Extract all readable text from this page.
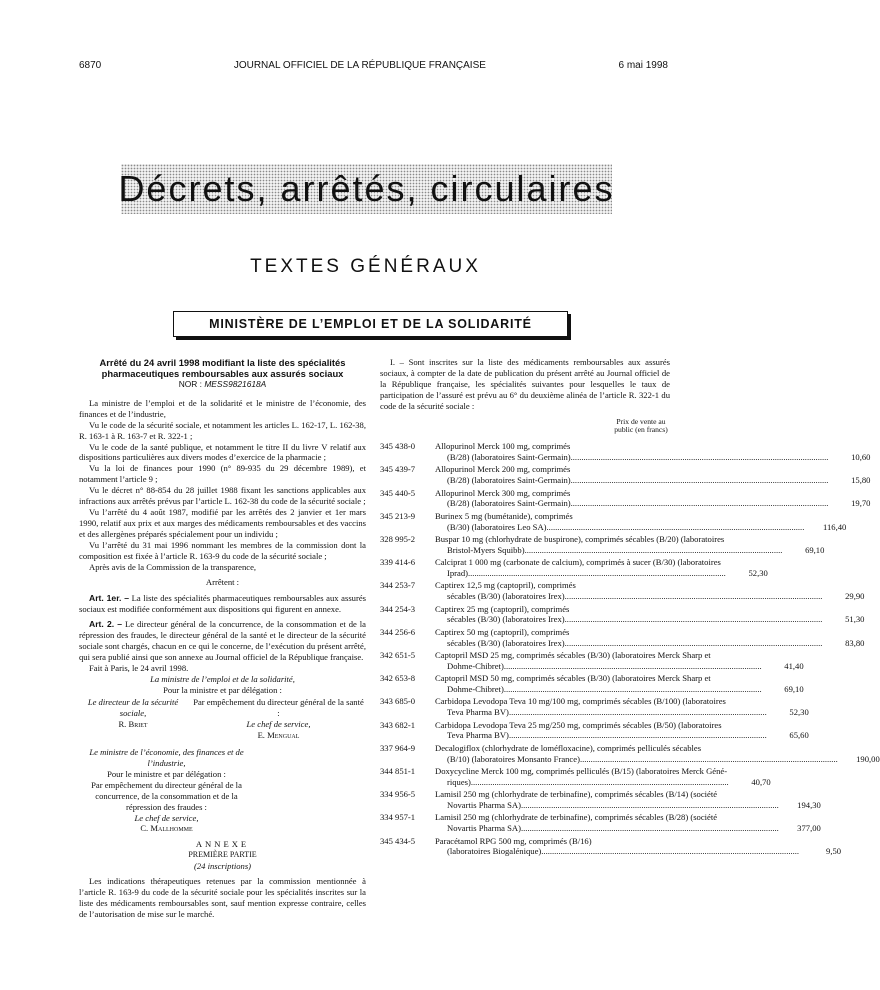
6870	JOURNAL OFFICIEL DE LA RÉPUBLIQUE FRANÇAISE	6 mai 1998
Décrets, arrêtés, circulaires
TEXTES GÉNÉRAUX
MINISTÈRE DE L’EMPLOI ET DE LA SOLIDARITÉ
Arrêté du 24 avril 1998 modifiant la liste des spécialités pharmaceutiques remboursables aux assurés sociaux
NOR : MESS9821618A

La ministre de l’emploi et de la solidarité et le ministre de l’économie, des finances et de l’industrie,

Vu le code de la sécurité sociale, et notamment les articles L. 162-17, L. 162-38, R. 163-1 à R. 163-7 et R. 322-1 ;

Vu le code de la santé publique, et notamment le titre II du livre V relatif aux dispositions particulières aux divers modes d’exercice de la pharmacie ;

Vu la loi de finances pour 1990 (n° 89-935 du 29 décembre 1989), et notamment l’article 9 ;

Vu le décret n° 88-854 du 28 juillet 1988 fixant les sanctions applicables aux infractions aux arrêtés prévus par l’article L. 162-38 du code de la sécurité sociale ;

Vu l’arrêté du 4 août 1987, modifié par les arrêtés des 2 janvier et 1er mars 1990, relatif aux prix et aux marges des médicaments remboursables et des vaccins et des allergènes préparés spécialement pour un individu ;

Vu l’arrêté du 31 mai 1996 nommant les membres de la commission dont la composition est fixée à l’article R. 163-9 du code de la sécurité sociale ;

Après avis de la Commission de la transparence,

Arrêtent :

Art. 1er. – La liste des spécialités pharmaceutiques remboursables aux assurés sociaux est modifiée conformément aux dispositions qui figurent en annexe.

Art. 2. – Le directeur général de la concurrence, de la consommation et de la répression des fraudes, le directeur général de la santé et le directeur de la sécurité sociale sont chargés, chacun en ce qui le concerne, de l’exécution du présent arrêté, qui sera publié ainsi que son annexe au Journal officiel de la République française.

Fait à Paris, le 24 avril 1998.

La ministre de l’emploi et de la solidarité,

Pour la ministre et par délégation :

Le directeur de la sécurité sociale,
R. Briet
Par empêchement du directeur général de la santé :
Le chef de service,
E. Mengual
Le ministre de l’économie, des finances et de l’industrie,
Pour le ministre et par délégation :
Par empêchement du directeur général de la concurrence, de la consommation et de la répression des fraudes :
Le chef de service,
C. Mallhomme
ANNEXE

PREMIÈRE PARTIE

(24 inscriptions)

Les indications thérapeutiques retenues par la commission mentionnée à l’article R. 163-9 du code de la sécurité sociale pour les spécialités inscrites sur la liste des médicaments remboursables sont, sauf mention expresse contraire, celles de l’autorisation de mise sur le marché.

I. – Sont inscrites sur la liste des médicaments remboursables aux assurés sociaux, à compter de la date de publication du présent arrêté au Journal officiel de la République française, les spécialités suivantes pour lesquelles le taux de participation de l’assuré est prévu au 6° du deuxième alinéa de l’article R. 322-1 du code de la sécurité sociale :

Prix de vente au public (en francs)
345 438-0	Allopurinol Merck 100 mg, comprimés
(B/28) (laboratoires Saint-Germain) ........................................................................................................................	10,60
345 439-7	Allopurinol Merck 200 mg, comprimés
(B/28) (laboratoires Saint-Germain) ........................................................................................................................	15,80
345 440-5	Allopurinol Merck 300 mg, comprimés
(B/28) (laboratoires Saint-Germain) ........................................................................................................................	19,70
345 213-9	Burinex 5 mg (bumétanide), comprimés
(B/30) (laboratoires Leo SA) ........................................................................................................................	116,40
328 995-2	Buspar 10 mg (chlorhydrate de buspirone), comprimés sécables (B/20) (laboratoires
Bristol-Myers Squibb) ........................................................................................................................	69,10
339 414-6	Calciprat 1 000 mg (carbonate de calcium), comprimés à sucer (B/30) (laboratoires
Iprad) ........................................................................................................................	52,30
344 253-7	Captirex 12,5 mg (captopril), comprimés
sécables (B/30) (laboratoires Irex) ........................................................................................................................	29,90
344 254-3	Captirex 25 mg (captopril), comprimés
sécables (B/30) (laboratoires Irex) ........................................................................................................................	51,30
344 256-6	Captirex 50 mg (captopril), comprimés
sécables (B/30) (laboratoires Irex) ........................................................................................................................	83,80
342 651-5	Captopril MSD 25 mg, comprimés sécables (B/30) (laboratoires Merck Sharp et
Dohme-Chibret) ........................................................................................................................	41,40
342 653-8	Captopril MSD 50 mg, comprimés sécables (B/30) (laboratoires Merck Sharp et
Dohme-Chibret) ........................................................................................................................	69,10
343 685-0	Carbidopa Levodopa Teva 10 mg/100 mg, comprimés sécables (B/100) (laboratoires
Teva Pharma BV) ........................................................................................................................	52,30
343 682-1	Carbidopa Levodopa Teva 25 mg/250 mg, comprimés sécables (B/50) (laboratoires
Teva Pharma BV) ........................................................................................................................	65,60
337 964-9	Decalogiflox (chlorhydrate de loméfloxacine), comprimés pelliculés sécables
(B/10) (laboratoires Monsanto France) ........................................................................................................................	190,00
344 851-1	Doxycycline Merck 100 mg, comprimés pelliculés (B/15) (laboratoires Merck Géné-
riques) ........................................................................................................................	40,70
334 956-5	Lamisil 250 mg (chlorhydrate de terbinafine), comprimés sécables (B/14) (société
Novartis Pharma SA) ........................................................................................................................	194,30
334 957-1	Lamisil 250 mg (chlorhydrate de terbinafine), comprimés sécables (B/28) (société
Novartis Pharma SA) ........................................................................................................................	377,00
345 434-5	Paracétamol RPG 500 mg, comprimés (B/16)
(laboratoires Biogalénique) ........................................................................................................................	9,50
